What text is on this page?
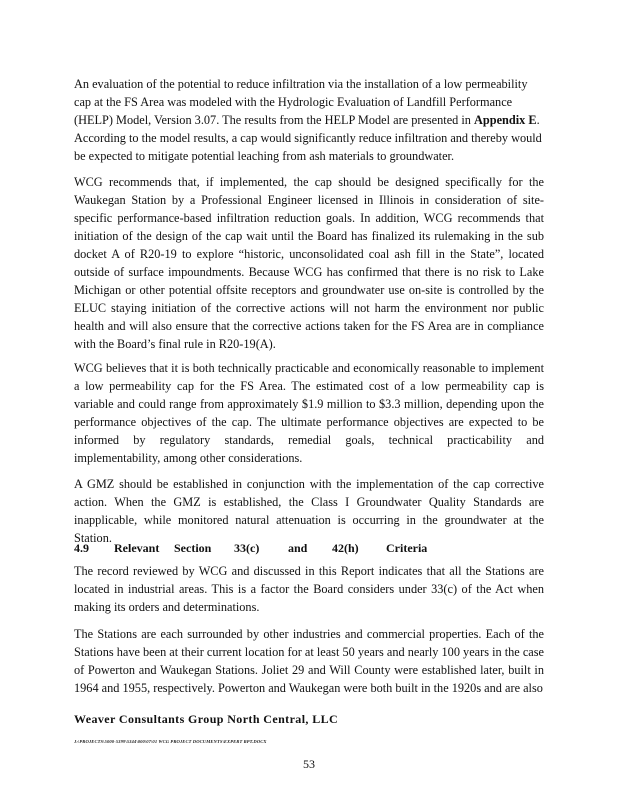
An evaluation of the potential to reduce infiltration via the installation of a low permeability cap at the FS Area was modeled with the Hydrologic Evaluation of Landfill Performance (HELP) Model, Version 3.07. The results from the HELP Model are presented in Appendix E. According to the model results, a cap would significantly reduce infiltration and thereby would be expected to mitigate potential leaching from ash materials to groundwater.

WCG recommends that, if implemented, the cap should be designed specifically for the Waukegan Station by a Professional Engineer licensed in Illinois in consideration of site-specific performance-based infiltration reduction goals. In addition, WCG recommends that initiation of the design of the cap wait until the Board has finalized its rulemaking in the sub docket A of R20-19 to explore “historic, unconsolidated coal ash fill in the State”, located outside of surface impoundments. Because WCG has confirmed that there is no risk to Lake Michigan or other potential offsite receptors and groundwater use on-site is controlled by the ELUC staying initiation of the corrective actions will not harm the environment nor public health and will also ensure that the corrective actions taken for the FS Area are in compliance with the Board’s final rule in R20-19(A).

WCG believes that it is both technically practicable and economically reasonable to implement a low permeability cap for the FS Area. The estimated cost of a low permeability cap is variable and could range from approximately $1.9 million to $3.3 million, depending upon the performance objectives of the cap. The ultimate performance objectives are expected to be informed by regulatory standards, remedial goals, technical practicability and implementability, among other considerations.

A GMZ should be established in conjunction with the implementation of the cap corrective action. When the GMZ is established, the Class I Groundwater Quality Standards are inapplicable, while monitored natural attenuation is occurring in the groundwater at the Station.

4.9 Relevant Section 33(c) and 42(h) Criteria

The record reviewed by WCG and discussed in this Report indicates that all the Stations are located in industrial areas. This is a factor the Board considers under 33(c) of the Act when making its orders and determinations.

The Stations are each surrounded by other industries and commercial properties. Each of the Stations have been at their current location for at least 50 years and nearly 100 years in the case of Powerton and Waukegan Stations. Joliet 29 and Will County were established later, built in 1964 and 1955, respectively. Powerton and Waukegan were both built in the 1920s and are also

Weaver Consultants Group North Central, LLC
J:\PROJECTS\5000-5399\5344\000\07\01 WCG PROJECT DOCUMENTS\EXPERT RPT.DOCX
53
